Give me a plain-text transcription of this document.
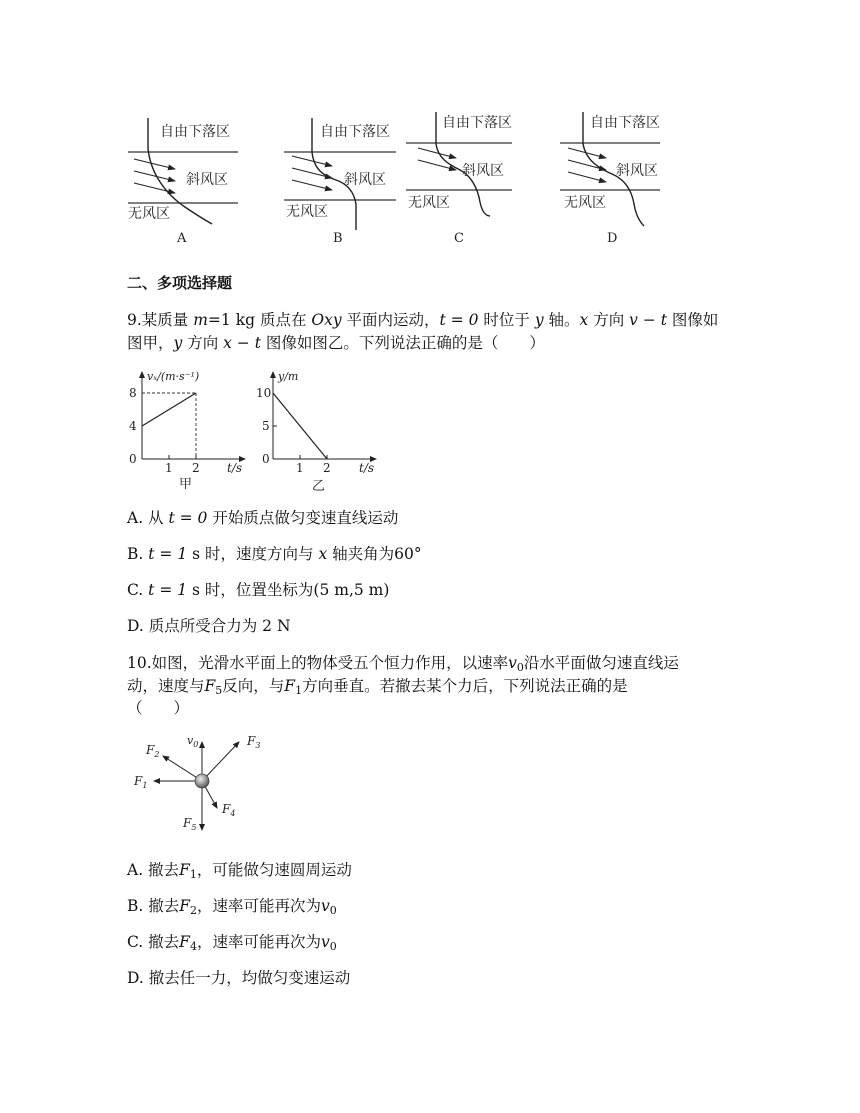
自由下落区
斜风区
无风区
A
自由下落区
斜风区
无风区
B
自由下落区
斜风区
无风区
C
自由下落区
斜风区
无风区
D
二、多项选择题
9.某质量 m=1 kg 质点在 Oxy 平面内运动，t = 0 时位于 y 轴。x 方向 v − t 图像如
图甲，y 方向 x − t 图像如图乙。下列说法正确的是（　　）
vₓ/(m·s⁻¹)
8
4
0
1 2 t/s
甲
y/m
10
5
0
1 2 t/s
乙
A. 从 t = 0 开始质点做匀变速直线运动
B. t = 1 s 时，速度方向与 x 轴夹角为60°
C. t = 1 s 时，位置坐标为(5 m,5 m)
D. 质点所受合力为 2 N
10.如图，光滑水平面上的物体受五个恒力作用，以速率$v_0$沿水平面做匀速直线运
动，速度与$F_5$反向，与$F_1$方向垂直。若撤去某个力后，下列说法正确的是
（　　）
$v_0$
$F_2$
$F_3$
$F_1$
$F_4$
$F_5$
A. 撤去$F_1$，可能做匀速圆周运动
B. 撤去$F_2$，速率可能再次为$v_0$
C. 撤去$F_4$，速率可能再次为$v_0$
D. 撤去任一力，均做匀变速运动
